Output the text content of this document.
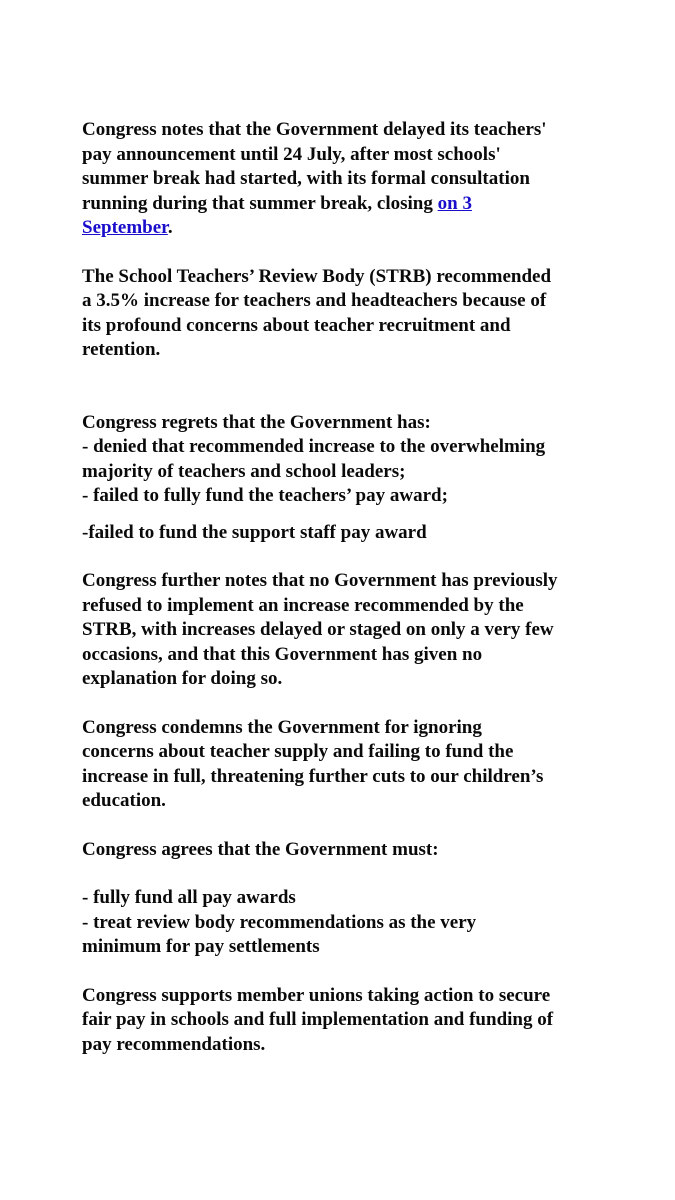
Congress notes that the Government delayed its teachers'
pay announcement until 24 July, after most schools'
summer break had started, with its formal consultation
running during that summer break, closing on 3
September.
The School Teachers’ Review Body (STRB) recommended
a 3.5% increase for teachers and headteachers because of
its profound concerns about teacher recruitment and
retention.
Congress regrets that the Government has:
- denied that recommended increase to the overwhelming
majority of teachers and school leaders;
- failed to fully fund the teachers’ pay award;
-failed to fund the support staff pay award
Congress further notes that no Government has previously
refused to implement an increase recommended by the
STRB, with increases delayed or staged on only a very few
occasions, and that this Government has given no
explanation for doing so.
Congress condemns the Government for ignoring
concerns about teacher supply and failing to fund the
increase in full, threatening further cuts to our children’s
education.
Congress agrees that the Government must:
- fully fund all pay awards
- treat review body recommendations as the very
minimum for pay settlements
Congress supports member unions taking action to secure
fair pay in schools and full implementation and funding of
pay recommendations.
